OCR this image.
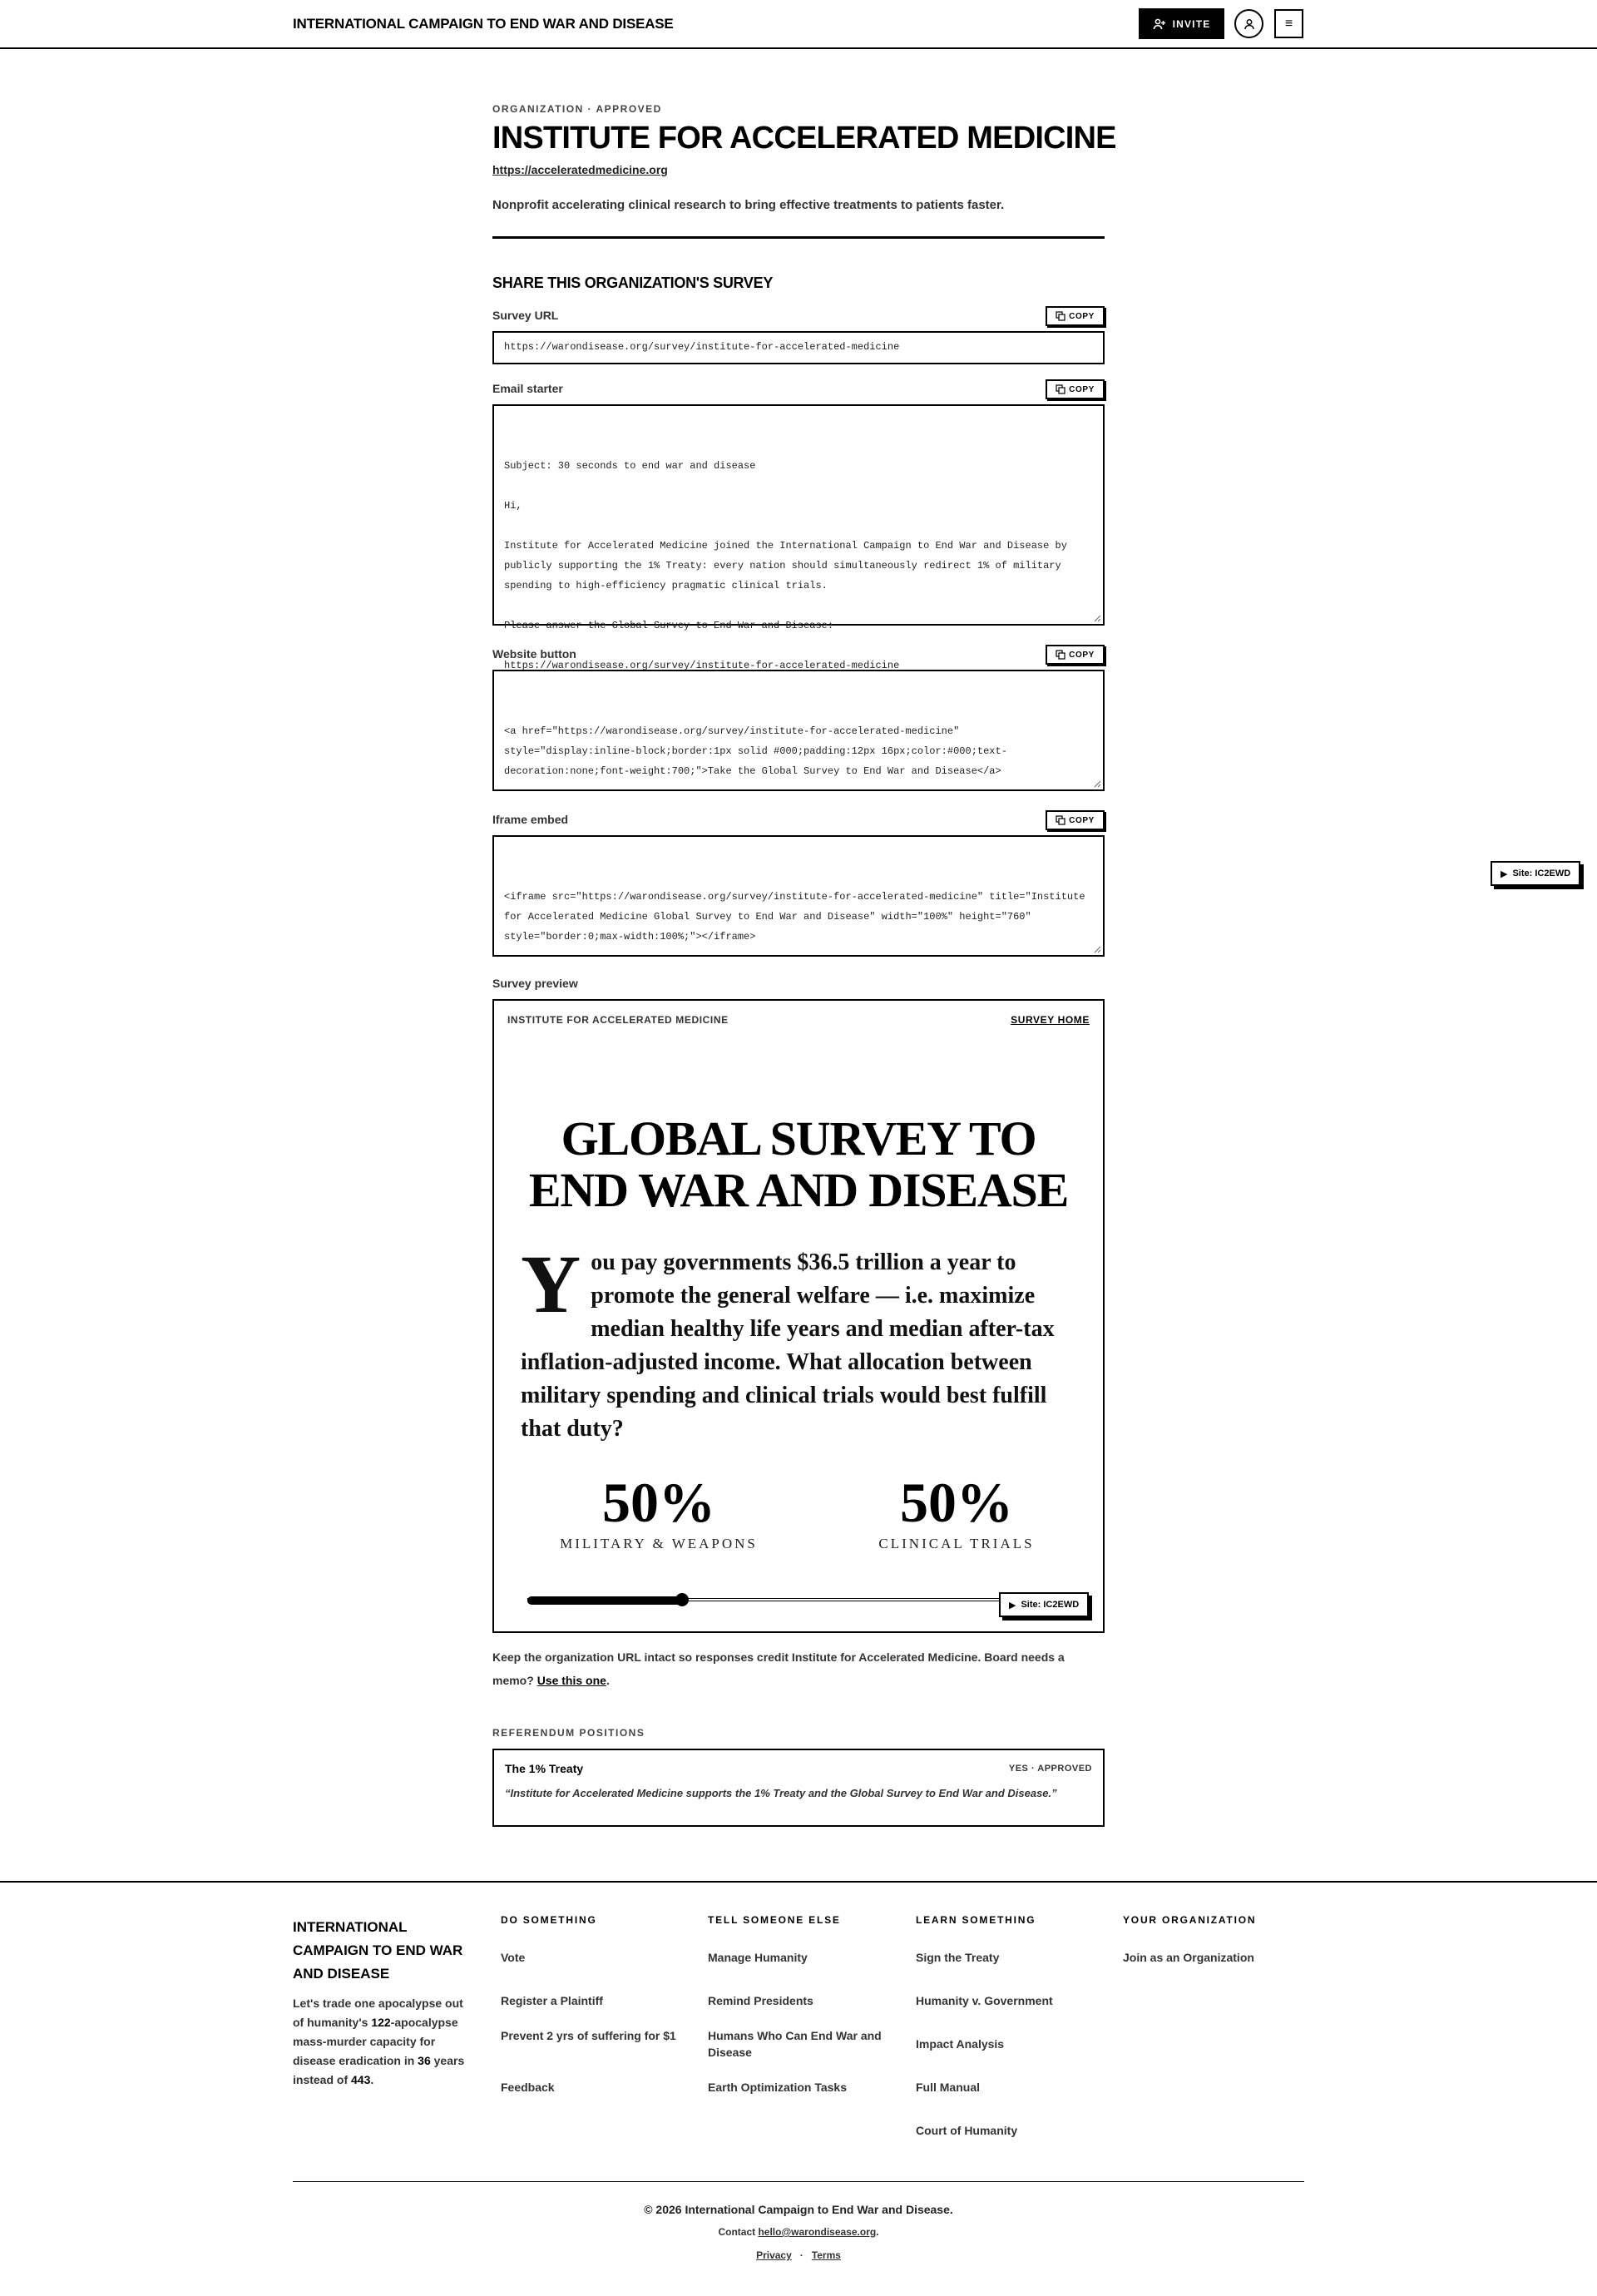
INTERNATIONAL CAMPAIGN TO END WAR AND DISEASE	INVITE	≡
ORGANIZATION · APPROVED
INSTITUTE FOR ACCELERATED MEDICINE
https://acceleratedmedicine.org

Nonprofit accelerating clinical research to bring effective treatments to patients faster.

SHARE THIS ORGANIZATION'S SURVEY
Survey URL	COPY
https://warondisease.org/survey/institute-for-accelerated-medicine
Email starter	COPY

Subject: 30 seconds to end war and disease

Hi,

Institute for Accelerated Medicine joined the International Campaign to End War and Disease by publicly supporting the 1% Treaty: every nation should simultaneously redirect 1% of military spending to high-efficiency pragmatic clinical trials.

Please answer the Global Survey to End War and Disease:

https://warondisease.org/survey/institute-for-accelerated-medicine

Website button	COPY

<a href="https://warondisease.org/survey/institute-for-accelerated-medicine" style="display:inline-block;border:1px solid #000;padding:12px 16px;color:#000;text-decoration:none;font-weight:700;">Take the Global Survey to End War and Disease</a>

Iframe embed	COPY

<iframe src="https://warondisease.org/survey/institute-for-accelerated-medicine" title="Institute for Accelerated Medicine Global Survey to End War and Disease" width="100%" height="760" style="border:0;max-width:100%;"></iframe>

Survey preview
INSTITUTE FOR ACCELERATED MEDICINE	SURVEY HOME
GLOBAL SURVEY TO
END WAR AND DISEASE
You pay governments $36.5 trillion a year to promote the general welfare — i.e. maximize median healthy life years and median after-tax inflation-adjusted income. What allocation between military spending and clinical trials would best fulfill that duty?
50%
MILITARY & WEAPONS
50%
CLINICAL TRIALS
▶ Site: IC2EWD
▶ Site: IC2EWD

Keep the organization URL intact so responses credit Institute for Accelerated Medicine. Board needs a memo? Use this one.

REFERENDUM POSITIONS
The 1% Treaty	YES · APPROVED
“Institute for Accelerated Medicine supports the 1% Treaty and the Global Survey to End War and Disease.”
INTERNATIONAL CAMPAIGN TO END WAR AND DISEASE

Let's trade one apocalypse out of humanity's 122-apocalypse mass-murder capacity for disease eradication in 36 years instead of 443.

DO SOMETHING
Vote
Register a Plaintiff
Prevent 2 yrs of suffering for $1
Feedback
TELL SOMEONE ELSE
Manage Humanity
Remind Presidents
Humans Who Can End War and Disease
Earth Optimization Tasks
LEARN SOMETHING
Sign the Treaty
Humanity v. Government
Impact Analysis
Full Manual
Court of Humanity
YOUR ORGANIZATION
Join as an Organization
© 2026 International Campaign to End War and Disease.
Contact hello@warondisease.org.
Privacy · Terms
